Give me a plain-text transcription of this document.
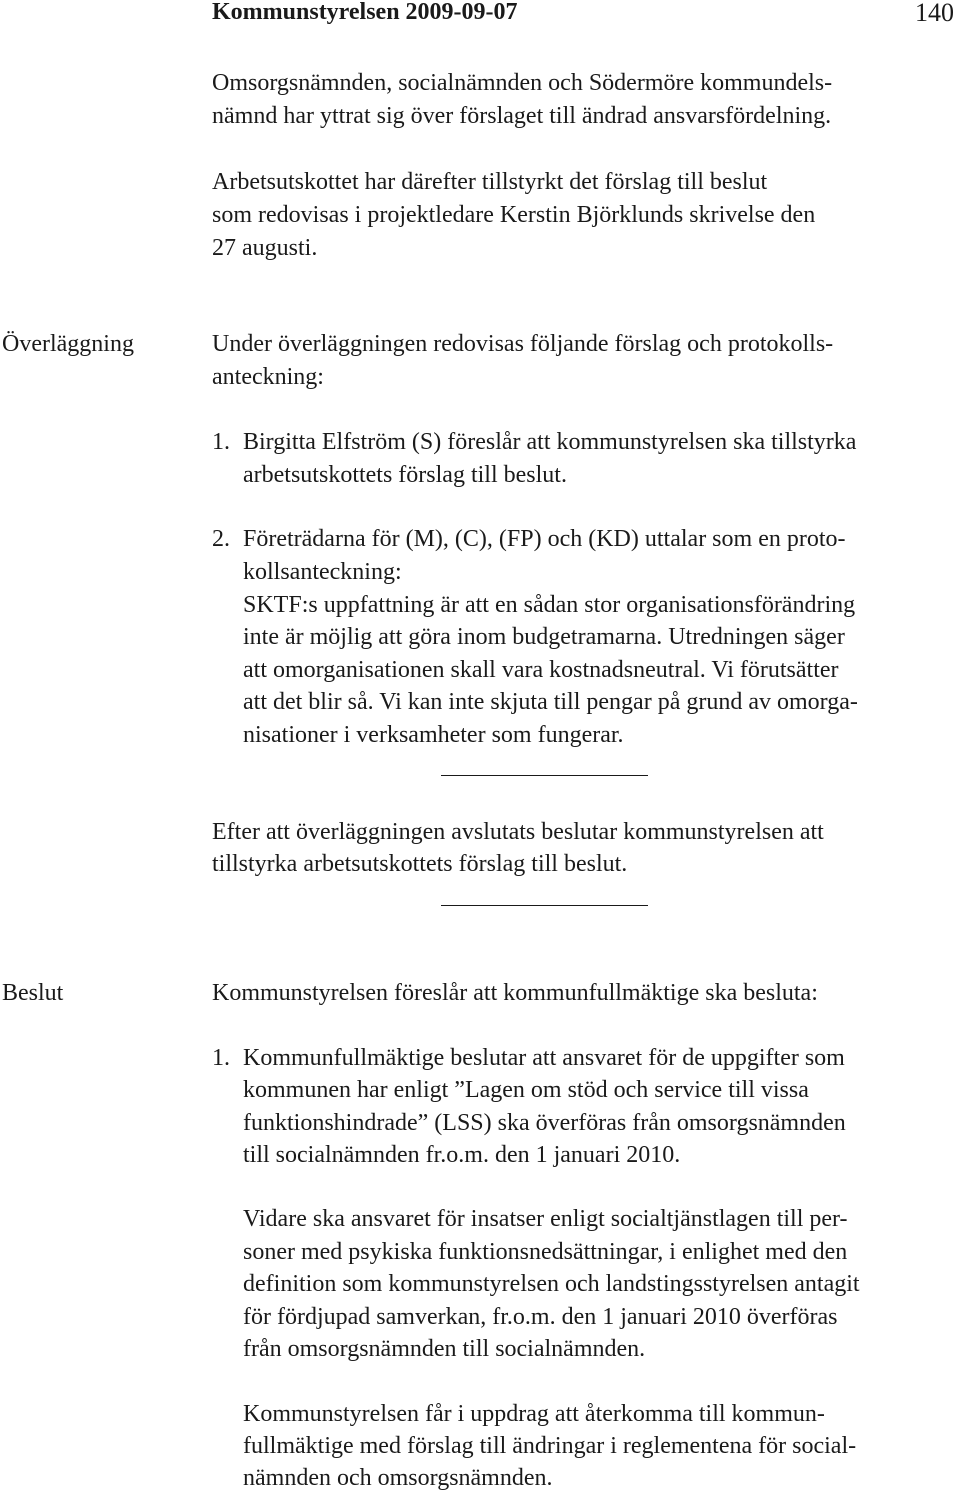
Kommunstyrelsen 2009-09-07	140
Omsorgsnämnden, socialnämnden och Södermöre kommundels-
nämnd har yttrat sig över förslaget till ändrad ansvarsfördelning.
Arbetsutskottet har därefter tillstyrkt det förslag till beslut
som redovisas i projektledare Kerstin Björklunds skrivelse den
27 augusti.
Överläggning	Under överläggningen redovisas följande förslag och protokolls-
anteckning:
1. Birgitta Elfström (S) föreslår att kommunstyrelsen ska tillstyrka
arbetsutskottets förslag till beslut.
2. Företrädarna för (M), (C), (FP) och (KD) uttalar som en proto-
kollsanteckning:
SKTF:s uppfattning är att en sådan stor organisationsförändring
inte är möjlig att göra inom budgetramarna. Utredningen säger
att omorganisationen skall vara kostnadsneutral. Vi förutsätter
att det blir så. Vi kan inte skjuta till pengar på grund av omorga-
nisationer i verksamheter som fungerar.
Efter att överläggningen avslutats beslutar kommunstyrelsen att
tillstyrka arbetsutskottets förslag till beslut.
Beslut	Kommunstyrelsen föreslår att kommunfullmäktige ska besluta:
1. Kommunfullmäktige beslutar att ansvaret för de uppgifter som
kommunen har enligt ”Lagen om stöd och service till vissa
funktionshindrade” (LSS) ska överföras från omsorgsnämnden
till socialnämnden fr.o.m. den 1 januari 2010.
Vidare ska ansvaret för insatser enligt socialtjänstlagen till per-
soner med psykiska funktionsnedsättningar, i enlighet med den
definition som kommunstyrelsen och landstingsstyrelsen antagit
för fördjupad samverkan, fr.o.m. den 1 januari 2010 överföras
från omsorgsnämnden till socialnämnden.
Kommunstyrelsen får i uppdrag att återkomma till kommun-
fullmäktige med förslag till ändringar i reglementena för social-
nämnden och omsorgsnämnden.
